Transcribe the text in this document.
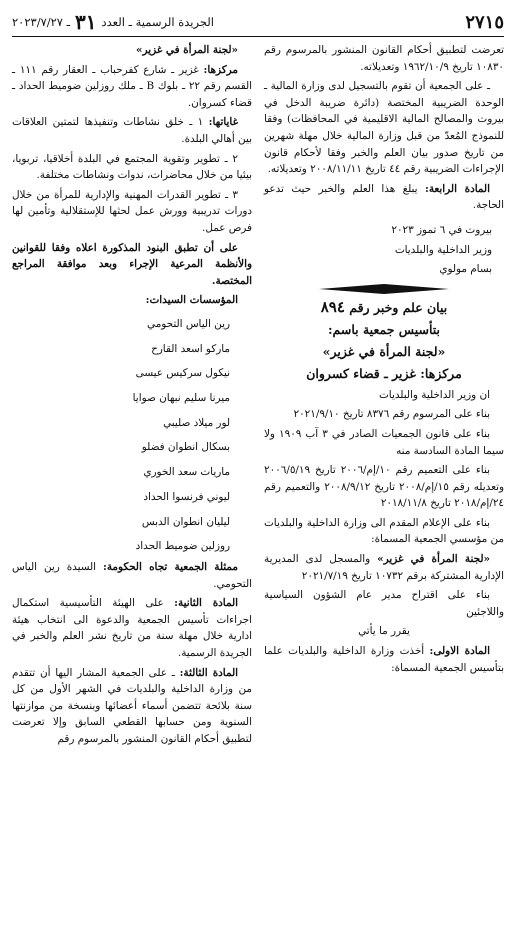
٢٧١٥
الجريدة الرسمية ـ العدد
٣١
ـ ٢٠٢٣/٧/٢٧

تعرضت لتطبيق أحكام القانون المنشور بالمرسوم رقم ١٠٨٣٠ تاريخ ١٩٦٢/١٠/٩ وتعديلاته.

ـ على الجمعية أن تقوم بالتسجيل لدى وزارة المالية ـ الوحدة الضريبية المختصة (دائرة ضريبة الدخل في بيروت والمصالح المالية الاقليمية في المحافظات) وفقا للنموذج المُعدّ من قبل وزارة المالية خلال مهلة شهرين من تاريخ صدور بيان العلم والخبر وفقا لأحكام قانون الإجراءات الضريبية رقم ٤٤ تاريخ ٢٠٠٨/١١/١١ وتعديلاته.

المادة الرابعة: يبلغ هذا العلم والخبر حيث تدعو الحاجة.

بيروت في ٦ تموز ٢٠٢٣

وزير الداخلية والبلديات

بسام مولوي

بيان علم وخبر رقم ٨٩٤

بتأسيس جمعية باسم:

«لجنة المرأة في غزير»

مركزها: غزير ـ قضاء كسروان

ان وزير الداخلية والبلديات

بناء على المرسوم رقم ٨٣٧٦ تاريخ ٢٠٢١/٩/١٠

بناء على قانون الجمعيات الصادر في ٣ آب ١٩٠٩ ولا سيما المادة السادسة منه

بناء على التعميم رقم ١٠/إم/٢٠٠٦ تاريخ ٢٠٠٦/٥/١٩ وتعديله رقم ١٥/إم/٢٠٠٨ تاريخ ٢٠٠٨/٩/١٢ والتعميم رقم ٢٤/إم/٢٠١٨ تاريخ ٢٠١٨/١١/٨

بناء على الإعلام المقدم الى وزارة الداخلية والبلديات من مؤسسي الجمعية المسماة:

«لجنة المرأة في غزير» والمسجل لدى المديرية الإدارية المشتركة برقم ١٠٧٣٢ تاريخ ٢٠٢١/٧/١٩

بناء على اقتراح مدير عام الشؤون السياسية واللاجئين

يقرر ما يأتي

المادة الاولى: أخذت وزارة الداخلية والبلديات علما بتأسيس الجمعية المسماة:

«لجنة المرأة في غزير»

مركزها: غزير ـ شارع كفرحباب ـ العقار رقم ١١١ ـ القسم رقم ٢٢ ـ بلوك B ـ ملك روزلين ضوميط الحداد ـ قضاء كسروان.

غاياتها: ١ ـ خلق نشاطات وتنفيذها لتمتين العلاقات بين أهالي البلدة.

٢ ـ تطوير وتقوية المجتمع في البلدة أخلاقيا، تربويا، بيئيا من خلال محاضرات، ندوات ونشاطات مختلفة.

٣ ـ تطوير القدرات المهنية والإدارية للمرأة من خلال دورات تدريبية وورش عمل لحثها للإستقلالية وتأمين لها فرص عمل.

على أن تطبق البنود المذكورة اعلاه وفقا للقوانين والأنظمة المرعية الإجراء وبعد موافقة المراجع المختصة.

المؤسسات السيدات:

رين الياس التحومي
ماركو اسعد القارح
نيكول سركيس عيسى
ميرنا سليم نبهان صوايا
لور ميلاد صليبي
بسكال انطوان فضلو
ماريات سعد الخوري
ليوني فرنسوا الحداد
ليليان انطوان الدبس
روزلين ضوميط الحداد

ممثلة الجمعية تجاه الحكومة: السيدة رين الياس التحومي.

المادة الثانية: على الهيئة التأسيسية استكمال اجراءات تأسيس الجمعية والدعوة الى انتخاب هيئة ادارية خلال مهلة سنة من تاريخ نشر العلم والخبر في الجريدة الرسمية.

المادة الثالثة: ـ على الجمعية المشار اليها أن تتقدم من وزارة الداخلية والبلديات في الشهر الأول من كل سنة بلائحة تتضمن أسماء أعضائها وبنسخة من موازنتها السنوية ومن حسابها القطعي السابق وإلا تعرضت لتطبيق أحكام القانون المنشور بالمرسوم رقم
